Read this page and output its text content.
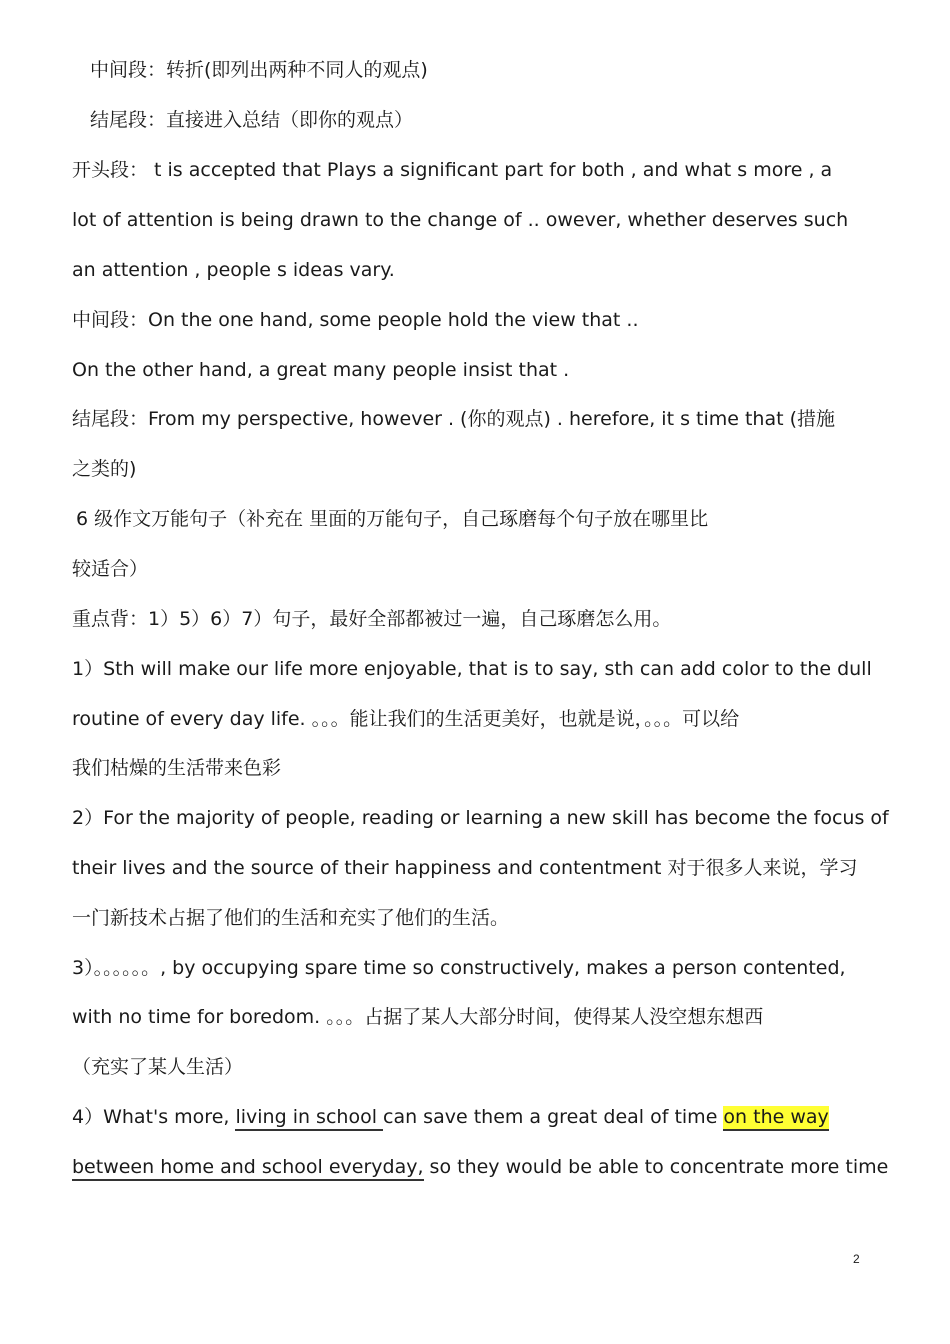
中间段：转折(即列出两种不同人的观点)
结尾段：直接进入总结（即你的观点）
开头段： t is accepted that Plays a significant part for both , and what s more , a
lot of attention is being drawn to the change of .. owever, whether deserves such
an attention , people s ideas vary.
中间段：On the one hand, some people hold the view that ..
On the other hand, a great many people insist that .
结尾段：From my perspective, however . (你的观点) . herefore, it s time that (措施
之类的)
6 级作文万能句子（补充在 里面的万能句子，自己琢磨每个句子放在哪里比
较适合）
重点背：1）5）6）7）句子，最好全部都被过一遍，自己琢磨怎么用。
1）Sth will make our life more enjoyable, that is to say, sth can add color to the dull
routine of every day life. 。。。能让我们的生活更美好，也就是说，。。。可以给
我们枯燥的生活带来色彩
2）For the majority of people, reading or learning a new skill has become the focus of
their lives and the source of their happiness and contentment 对于很多人来说，学习
一门新技术占据了他们的生活和充实了他们的生活。
3）。。。。。。, by occupying spare time so constructively, makes a person contented,
with no time for boredom. 。。。占据了某人大部分时间，使得某人没空想东想西
（充实了某人生活）
4）What's more, living in school can save them a great deal of time on the way
between home and school everyday, so they would be able to concentrate more time
2
